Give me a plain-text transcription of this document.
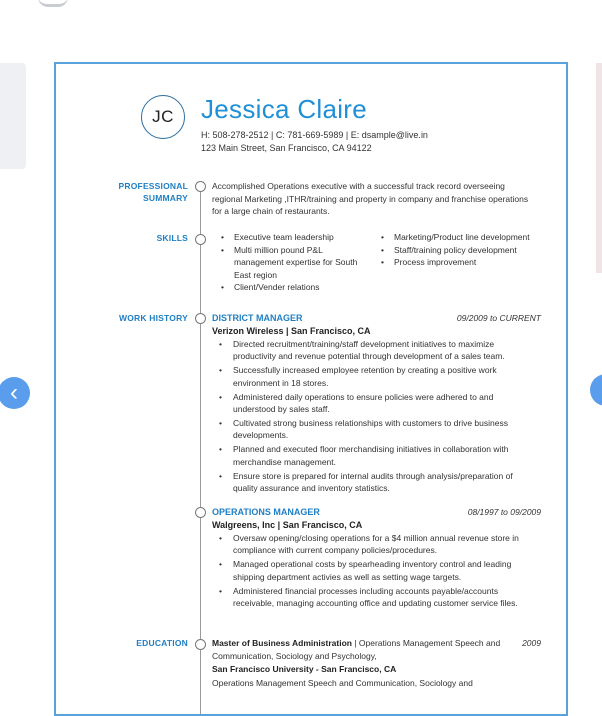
JC	Jessica Claire
H: 508-278-2512 | C: 781-669-5989 | E: dsample@live.in
123 Main Street, San Francisco, CA 94122
PROFESSIONAL
SUMMARY
Accomplished Operations executive with a successful track record overseeing regional Marketing ,ITHR/training and property in company and franchise operations for a large chain of restaurants.
SKILLS
•	Executive team leadership
• Multi million pound P&L management expertise for South East region
• Client/Vender relations
• Marketing/Product line development
• Staff/training policy development
• Process improvement
WORK HISTORY	DISTRICT MANAGER	09/2009 to CURRENT
Verizon Wireless | San Francisco, CA
• Directed recruitment/training/staff development initiatives to maximize productivity and revenue potential through development of a sales team.
• Successfully increased employee retention by creating a positive work environment in 18 stores.
• Administered daily operations to ensure policies were adhered to and understood by sales staff.
• Cultivated strong business relationships with customers to drive business developments.
• Planned and executed floor merchandising initiatives in collaboration with merchandise management.
• Ensure store is prepared for internal audits through analysis/preparation of quality assurance and inventory statistics.
OPERATIONS MANAGER	08/1997 to 09/2009
Walgreens, Inc | San Francisco, CA
• Oversaw opening/closing operations for a $4 million annual revenue store in compliance with current company policies/procedures.
• Managed operational costs by spearheading inventory control and leading shipping department activies as well as setting wage targets.
• Administered financial processes including accounts payable/accounts receivable, managing accounting office and updating customer service files.
EDUCATION	Master of Business Administration | Operations Management Speech and Communication, Sociology and Psychology,
2009
San Francisco University - San Francisco, CA
Operations Management Speech and Communication, Sociology and
‹
